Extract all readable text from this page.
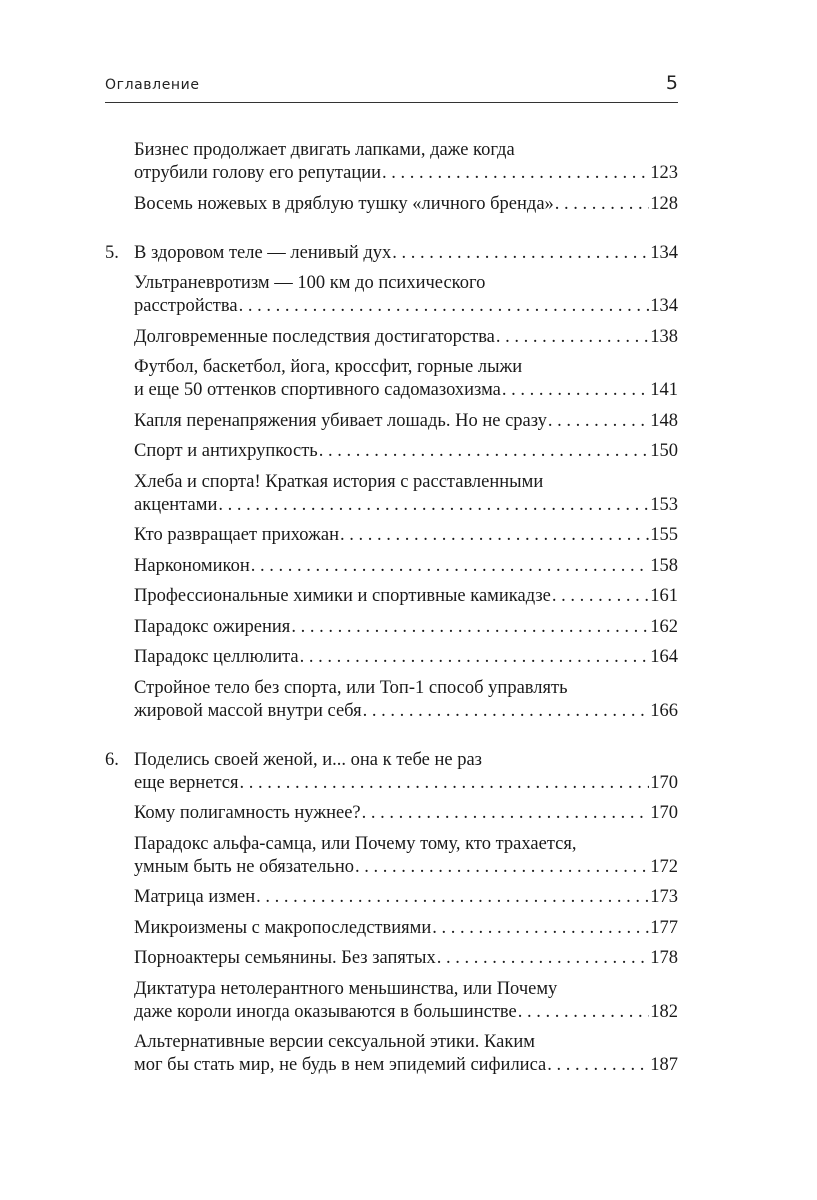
Оглавление	5
Бизнес продолжает двигать лапками, даже когда
отрубили голову его репутации . . .	123
Восемь ножевых в дряблую тушку «личного бренда» . . .	128
5. В здоровом теле — ленивый дух . . .	134
Ультраневротизм — 100 км до психического
расстройства . . .	134
Долговременные последствия достигаторства . . .	138
Футбол, баскетбол, йога, кроссфит, горные лыжи
и еще 50 оттенков спортивного садомазохизма . . .	141
Капля перенапряжения убивает лошадь. Но не сразу . . .	148
Спорт и антихрупкость . . .	150
Хлеба и спорта! Краткая история с расставленными
акцентами . . .	153
Кто развращает прихожан . . .	155
Наркономикон . . .	158
Профессиональные химики и спортивные камикадзе . . .	161
Парадокс ожирения . . .	162
Парадокс целлюлита . . .	164
Стройное тело без спорта, или Топ-1 способ управлять
жировой массой внутри себя . . .	166
6. Поделись своей женой, и... она к тебе не раз
еще вернется . . .	170
Кому полигамность нужнее? . . .	170
Парадокс альфа-самца, или Почему тому, кто трахается,
умным быть не обязательно . . .	172
Матрица измен . . .	173
Микроизмены с макропоследствиями . . .	177
Порноактеры семьянины. Без запятых . . .	178
Диктатура нетолерантного меньшинства, или Почему
даже короли иногда оказываются в большинстве . . .	182
Альтернативные версии сексуальной этики. Каким
мог бы стать мир, не будь в нем эпидемий сифилиса . . .	187
